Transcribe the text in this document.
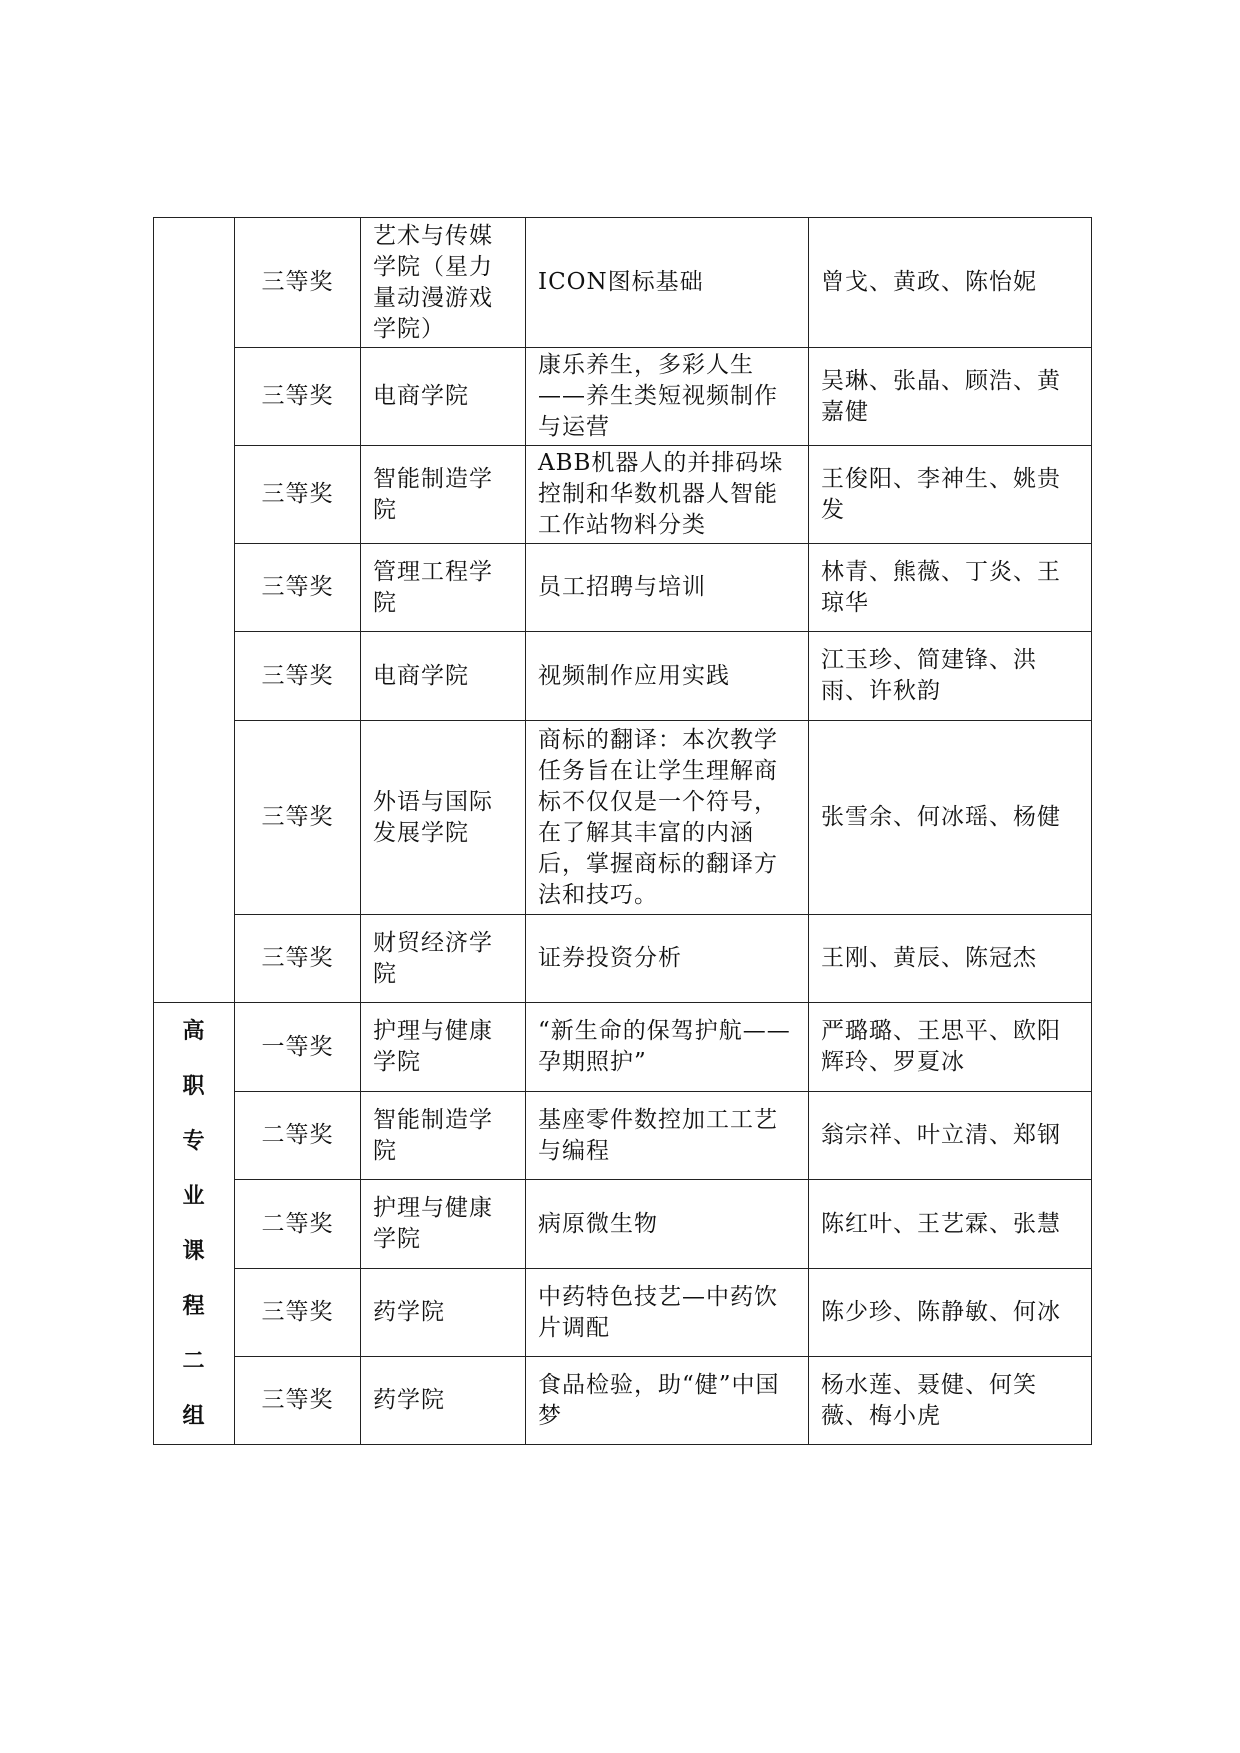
	三等奖	艺术与传媒学院（星力量动漫游戏学院）	ICON图标基础	曾戈、黄政、陈怡妮
	三等奖	电商学院	康乐养生，多彩人生——养生类短视频制作与运营	吴琳、张晶、顾浩、黄嘉健
	三等奖	智能制造学院	ABB机器人的并排码垛控制和华数机器人智能工作站物料分类	王俊阳、李神生、姚贵发
	三等奖	管理工程学院	员工招聘与培训	林青、熊薇、丁炎、王琼华
	三等奖	电商学院	视频制作应用实践	江玉珍、简建锋、洪雨、许秋韵
	三等奖	外语与国际发展学院	商标的翻译：本次教学任务旨在让学生理解商标不仅仅是一个符号，在了解其丰富的内涵后，掌握商标的翻译方法和技巧。	张雪余、何冰瑶、杨健
	三等奖	财贸经济学院	证券投资分析	王刚、黄辰、陈冠杰
高职专业课程二组	一等奖	护理与健康学院	“新生命的保驾护航——孕期照护”	严璐璐、王思平、欧阳辉玲、罗夏冰
	二等奖	智能制造学院	基座零件数控加工工艺与编程	翁宗祥、叶立清、郑钢
	二等奖	护理与健康学院	病原微生物	陈红叶、王艺霖、张慧
	三等奖	药学院	中药特色技艺—中药饮片调配	陈少珍、陈静敏、何冰
	三等奖	药学院	食品检验，助“健”中国梦	杨水莲、聂健、何笑薇、梅小虎
